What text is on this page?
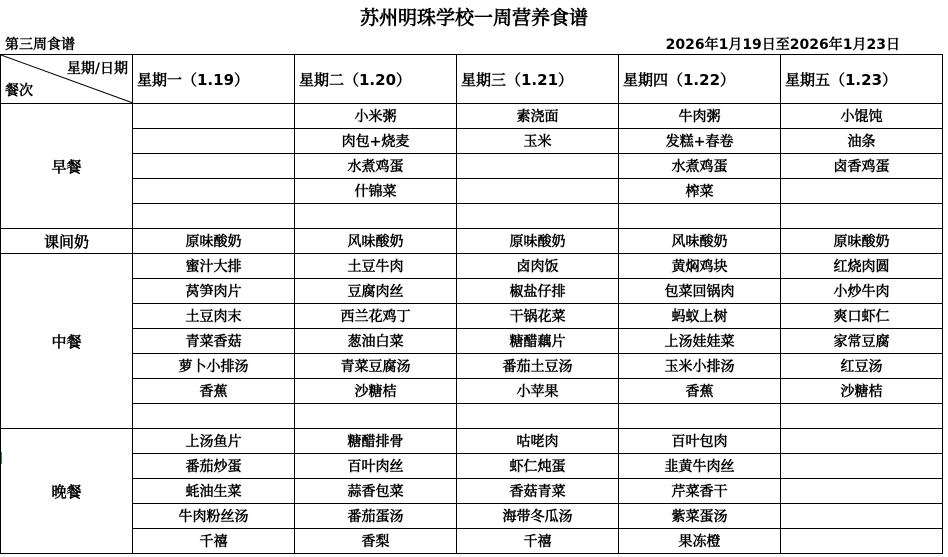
苏州明珠学校一周营养食谱
第三周食谱	2026年1月19日至2026年1月23日
星期/日期
餐次	星期一（1.19）	星期二（1.20）	星期三（1.21）	星期四（1.22）	星期五（1.23）
早餐		小米粥	素浇面	牛肉粥	小馄饨
		肉包+烧麦	玉米	发糕+春卷	油条
		水煮鸡蛋		水煮鸡蛋	卤香鸡蛋
		什锦菜		榨菜	

课间奶	原味酸奶	风味酸奶	原味酸奶	风味酸奶	原味酸奶
中餐	蜜汁大排	土豆牛肉	卤肉饭	黄焖鸡块	红烧肉圆
	莴笋肉片	豆腐肉丝	椒盐仔排	包菜回锅肉	小炒牛肉
	土豆肉末	西兰花鸡丁	干锅花菜	蚂蚁上树	爽口虾仁
	青菜香菇	葱油白菜	糖醋藕片	上汤娃娃菜	家常豆腐
	萝卜小排汤	青菜豆腐汤	番茄土豆汤	玉米小排汤	红豆汤
	香蕉	沙糖桔	小苹果	香蕉	沙糖桔

晚餐	上汤鱼片	糖醋排骨	咕咾肉	百叶包肉	
	番茄炒蛋	百叶肉丝	虾仁炖蛋	韭黄牛肉丝	
	蚝油生菜	蒜香包菜	香菇青菜	芹菜香干	
	牛肉粉丝汤	番茄蛋汤	海带冬瓜汤	紫菜蛋汤	
	千禧	香梨	千禧	果冻橙	
